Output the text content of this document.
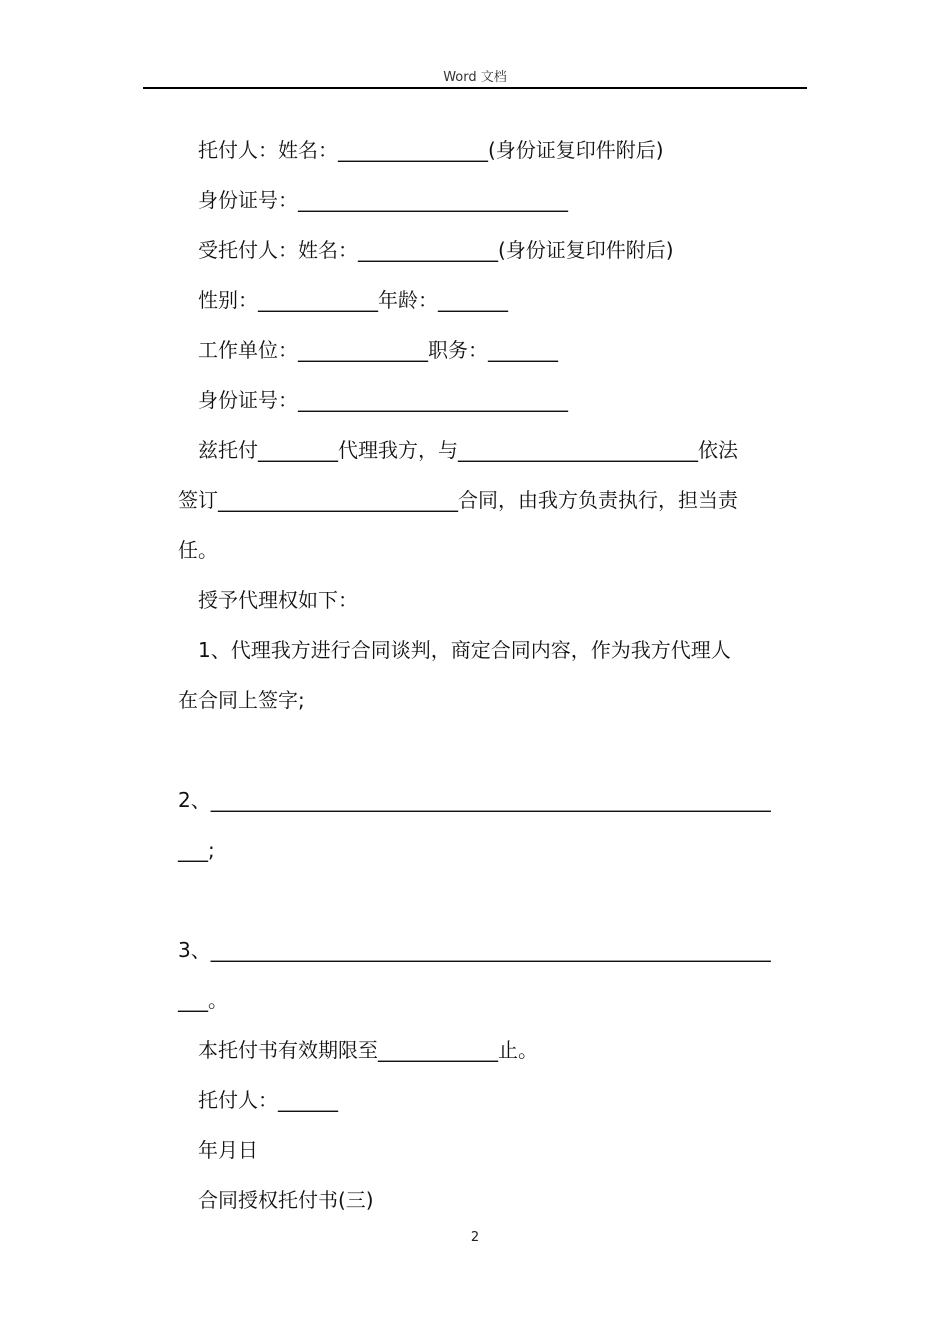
Word 文档
托付人：姓名：_______________(身份证复印件附后)
身份证号：___________________________
受托付人：姓名：______________(身份证复印件附后)
性别：____________年龄：_______
工作单位：_____________职务：_______
身份证号：___________________________
兹托付________代理我方，与________________________依法
签订________________________合同，由我方负责执行，担当责
任。
授予代理权如下：
1、代理我方进行合同谈判，商定合同内容，作为我方代理人
在合同上签字;
2、________________________________________________________
___;
3、________________________________________________________
___。
本托付书有效期限至____________止。
托付人：______
年月日
合同授权托付书(三)
2
